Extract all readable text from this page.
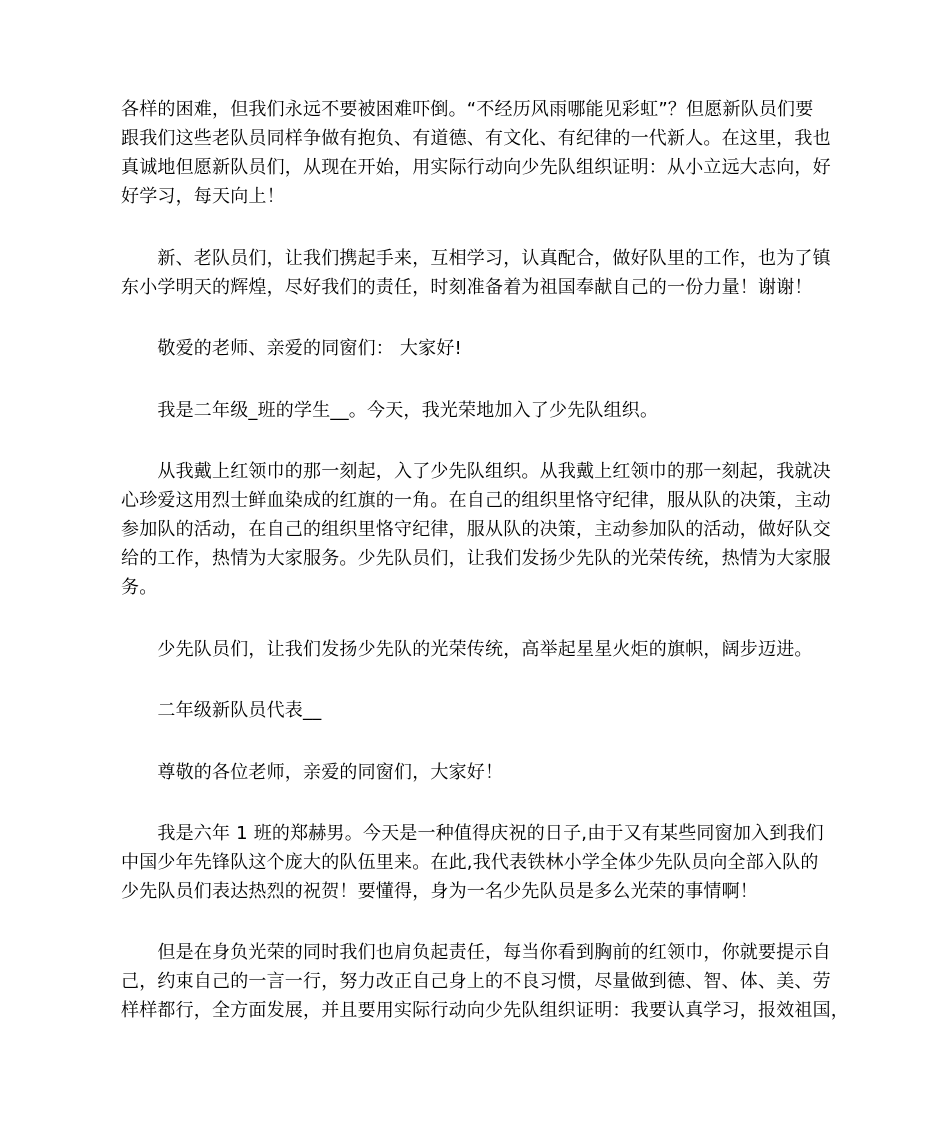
各样的困难，但我们永远不要被困难吓倒。“不经历风雨哪能见彩虹”？但愿新队员们要
跟我们这些老队员同样争做有抱负、有道德、有文化、有纪律的一代新人。在这里，我也
真诚地但愿新队员们，从现在开始，用实际行动向少先队组织证明：从小立远大志向，好
好学习，每天向上！
　　新、老队员们，让我们携起手来，互相学习，认真配合，做好队里的工作，也为了镇
东小学明天的辉煌，尽好我们的责任，时刻准备着为祖国奉献自己的一份力量！谢谢！
　　敬爱的老师、亲爱的同窗们： 大家好!
　　我是二年级_班的学生__。今天，我光荣地加入了少先队组织。
　　从我戴上红领巾的那一刻起，入了少先队组织。从我戴上红领巾的那一刻起，我就决
心珍爱这用烈士鲜血染成的红旗的一角。在自己的组织里恪守纪律，服从队的决策，主动
参加队的活动，在自己的组织里恪守纪律，服从队的决策，主动参加队的活动，做好队交
给的工作，热情为大家服务。少先队员们，让我们发扬少先队的光荣传统，热情为大家服
务。
　　少先队员们，让我们发扬少先队的光荣传统，高举起星星火炬的旗帜，阔步迈进。
　　二年级新队员代表__
　　尊敬的各位老师，亲爱的同窗们，大家好！
　　我是六年 1 班的郑赫男。今天是一种值得庆祝的日子,由于又有某些同窗加入到我们
中国少年先锋队这个庞大的队伍里来。在此,我代表铁林小学全体少先队员向全部入队的
少先队员们表达热烈的祝贺！要懂得，身为一名少先队员是多么光荣的事情啊！
　　但是在身负光荣的同时我们也肩负起责任，每当你看到胸前的红领巾，你就要提示自
己，约束自己的一言一行，努力改正自己身上的不良习惯，尽量做到德、智、体、美、劳
样样都行，全方面发展，并且要用实际行动向少先队组织证明：我要认真学习，报效祖国，
